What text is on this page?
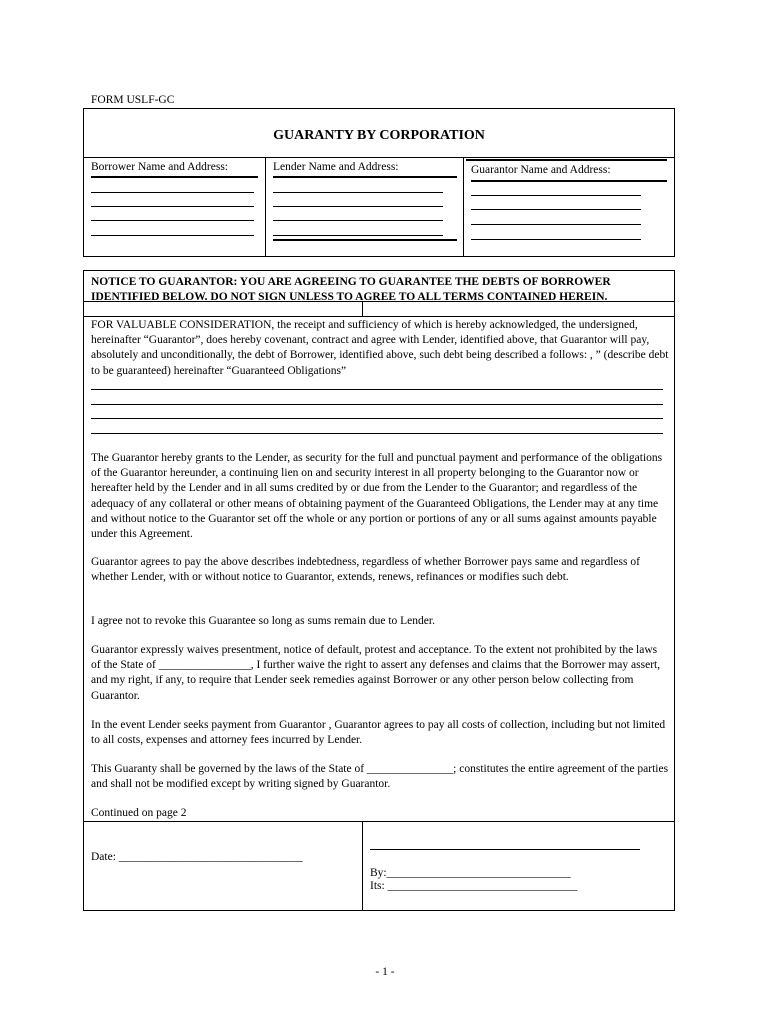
FORM USLF-GC
GUARANTY BY CORPORATION
Borrower Name and Address:	Lender Name and Address:	Guarantor Name and Address:
NOTICE TO GUARANTOR: YOU ARE AGREEING TO GUARANTEE THE DEBTS OF BORROWER IDENTIFIED BELOW. DO NOT SIGN UNLESS TO AGREE TO ALL TERMS CONTAINED HEREIN.
FOR VALUABLE CONSIDERATION, the receipt and sufficiency of which is hereby acknowledged, the undersigned, hereinafter “Guarantor”, does hereby covenant, contract and agree with Lender, identified above, that Guarantor will pay, absolutely and unconditionally, the debt of Borrower, identified above, such debt being described a follows: , ” (describe debt to be guaranteed) hereinafter “Guaranteed Obligations”
The Guarantor hereby grants to the Lender, as security for the full and punctual payment and performance of the obligations of the Guarantor hereunder, a continuing lien on and security interest in all property belonging to the Guarantor now or hereafter held by the Lender and in all sums credited by or due from the Lender to the Guarantor; and regardless of the adequacy of any collateral or other means of obtaining payment of the Guaranteed Obligations, the Lender may at any time and without notice to the Guarantor set off the whole or any portion or portions of any or all sums against amounts payable under this Agreement.
Guarantor agrees to pay the above describes indebtedness, regardless of whether Borrower pays same and regardless of whether Lender, with or without notice to Guarantor, extends, renews, refinances or modifies such debt.
I agree not to revoke this Guarantee so long as sums remain due to Lender.
Guarantor expressly waives presentment, notice of default, protest and acceptance. To the extent not prohibited by the laws of the State of ________________, I further waive the right to assert any defenses and claims that the Borrower may assert, and my right, if any, to require that Lender seek remedies against Borrower or any other person below collecting from Guarantor.
In the event Lender seeks payment from Guarantor , Guarantor agrees to pay all costs of collection, including but not limited to all costs, expenses and attorney fees incurred by Lender.
This Guaranty shall be governed by the laws of the State of _______________; constitutes the entire agreement of the parties and shall not be modified except by writing signed by Guarantor.
Continued on page 2
Date: ________________________________
By:________________________________
Its: _________________________________
- 1 -
